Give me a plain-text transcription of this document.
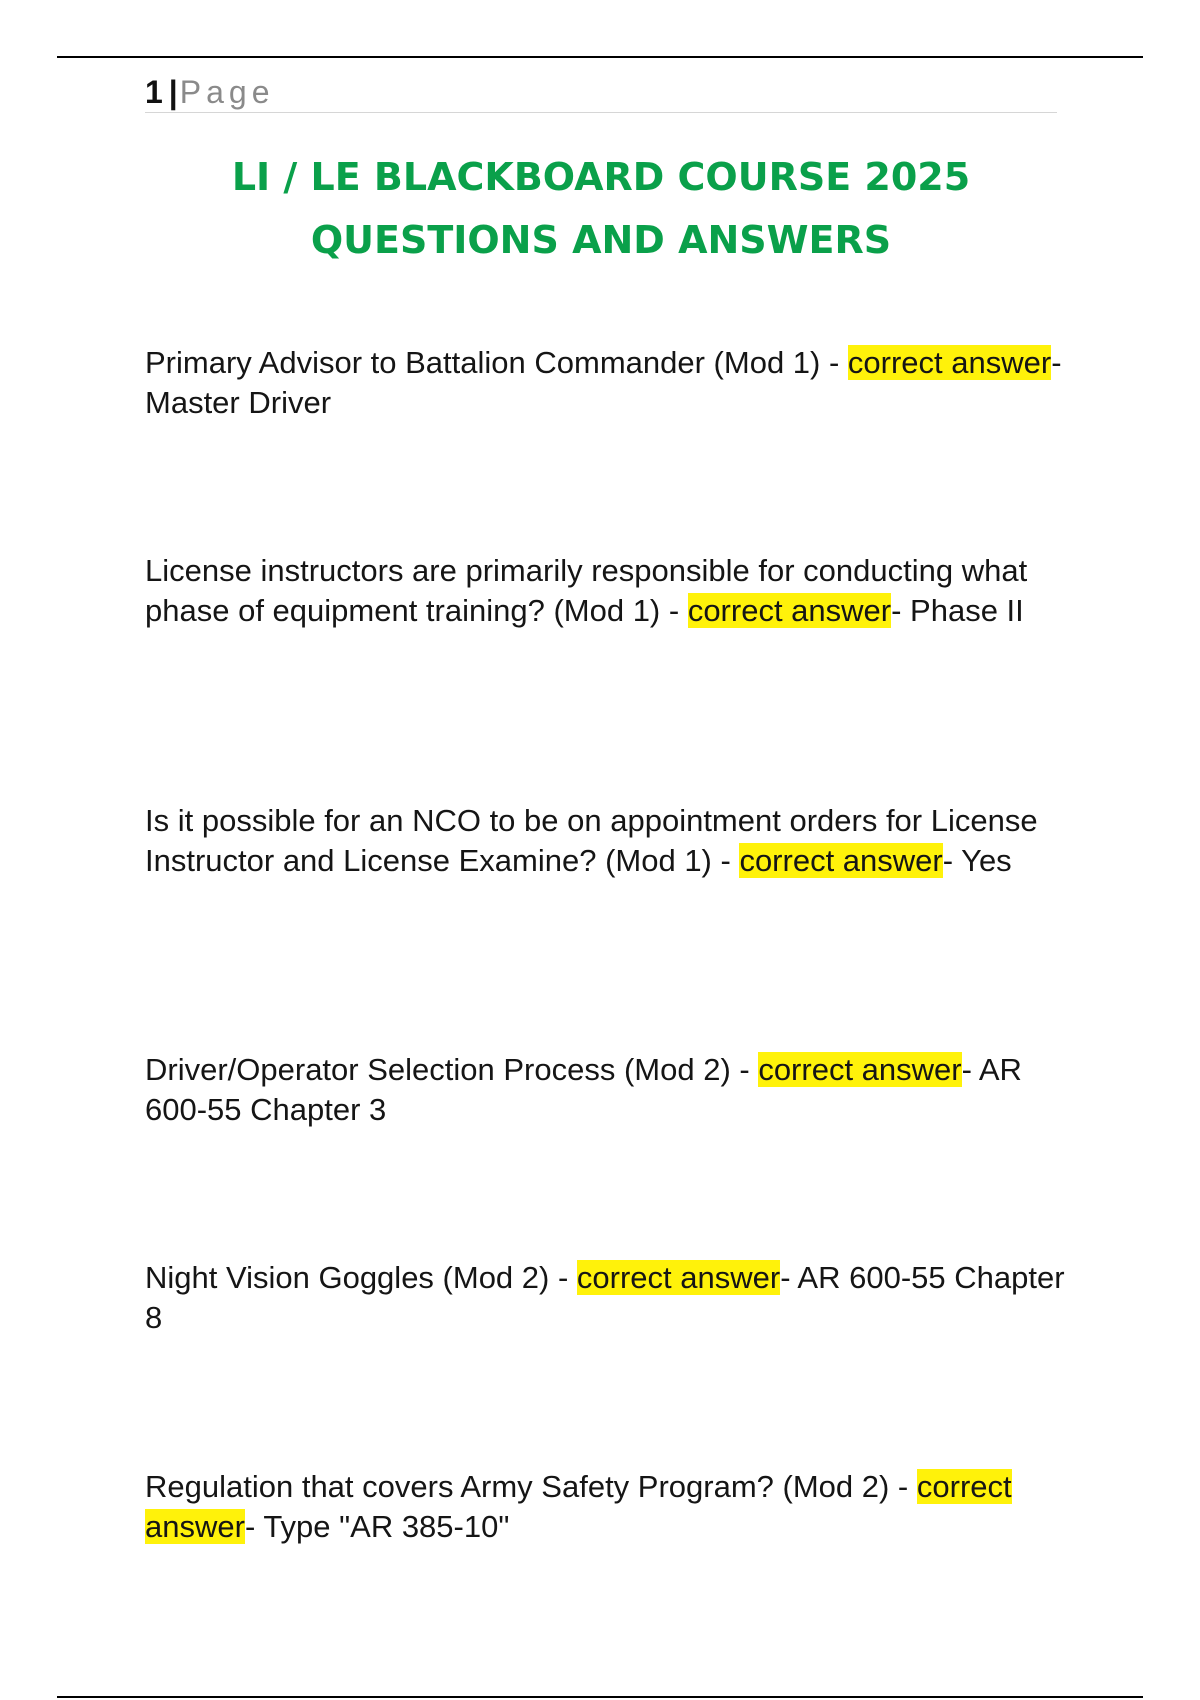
1 |Page
LI / LE BLACKBOARD COURSE 2025
QUESTIONS AND ANSWERS
Primary Advisor to Battalion Commander (Mod 1) - correct answer- Master Driver
License instructors are primarily responsible for conducting what phase of equipment training? (Mod 1) - correct answer- Phase II
Is it possible for an NCO to be on appointment orders for License Instructor and License Examine? (Mod 1) - correct answer- Yes
Driver/Operator Selection Process (Mod 2) - correct answer- AR 600-55 Chapter 3
Night Vision Goggles (Mod 2) - correct answer- AR 600-55 Chapter 8
Regulation that covers Army Safety Program? (Mod 2) - correct answer- Type "AR 385-10"
